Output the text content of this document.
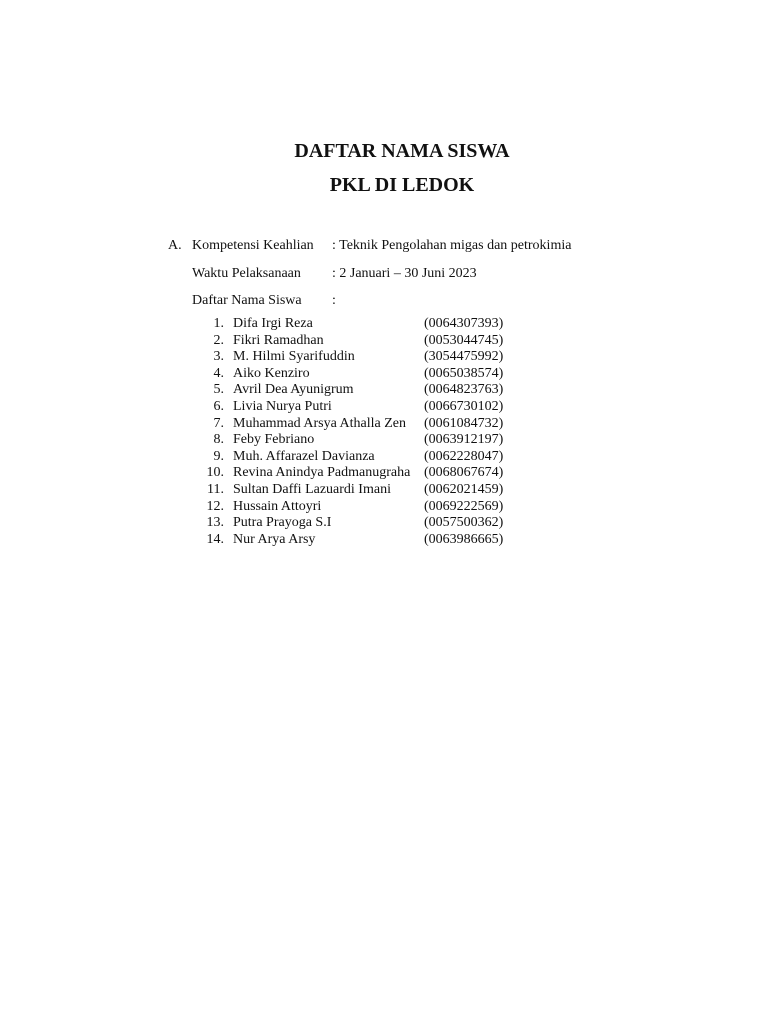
DAFTAR NAMA SISWA
PKL DI LEDOK
A. Kompetensi Keahlian : Teknik Pengolahan migas dan petrokimia
Waktu Pelaksanaan : 2 Januari – 30 Juni 2023
Daftar Nama Siswa :
1. Difa Irgi Reza	(0064307393)
2. Fikri Ramadhan	(0053044745)
3. M. Hilmi Syarifuddin	(3054475992)
4. Aiko Kenziro	(0065038574)
5. Avril Dea Ayunigrum	(0064823763)
6. Livia Nurya Putri	(0066730102)
7. Muhammad Arsya Athalla Zen (0061084732)
8. Feby Febriano	(0063912197)
9. Muh. Affarazel Davianza	(0062228047)
10. Revina Anindya Padmanugraha (0068067674)
11. Sultan Daffi Lazuardi Imani (0062021459)
12. Hussain Attoyri	(0069222569)
13. Putra Prayoga S.I	(0057500362)
14. Nur Arya Arsy	(0063986665)
